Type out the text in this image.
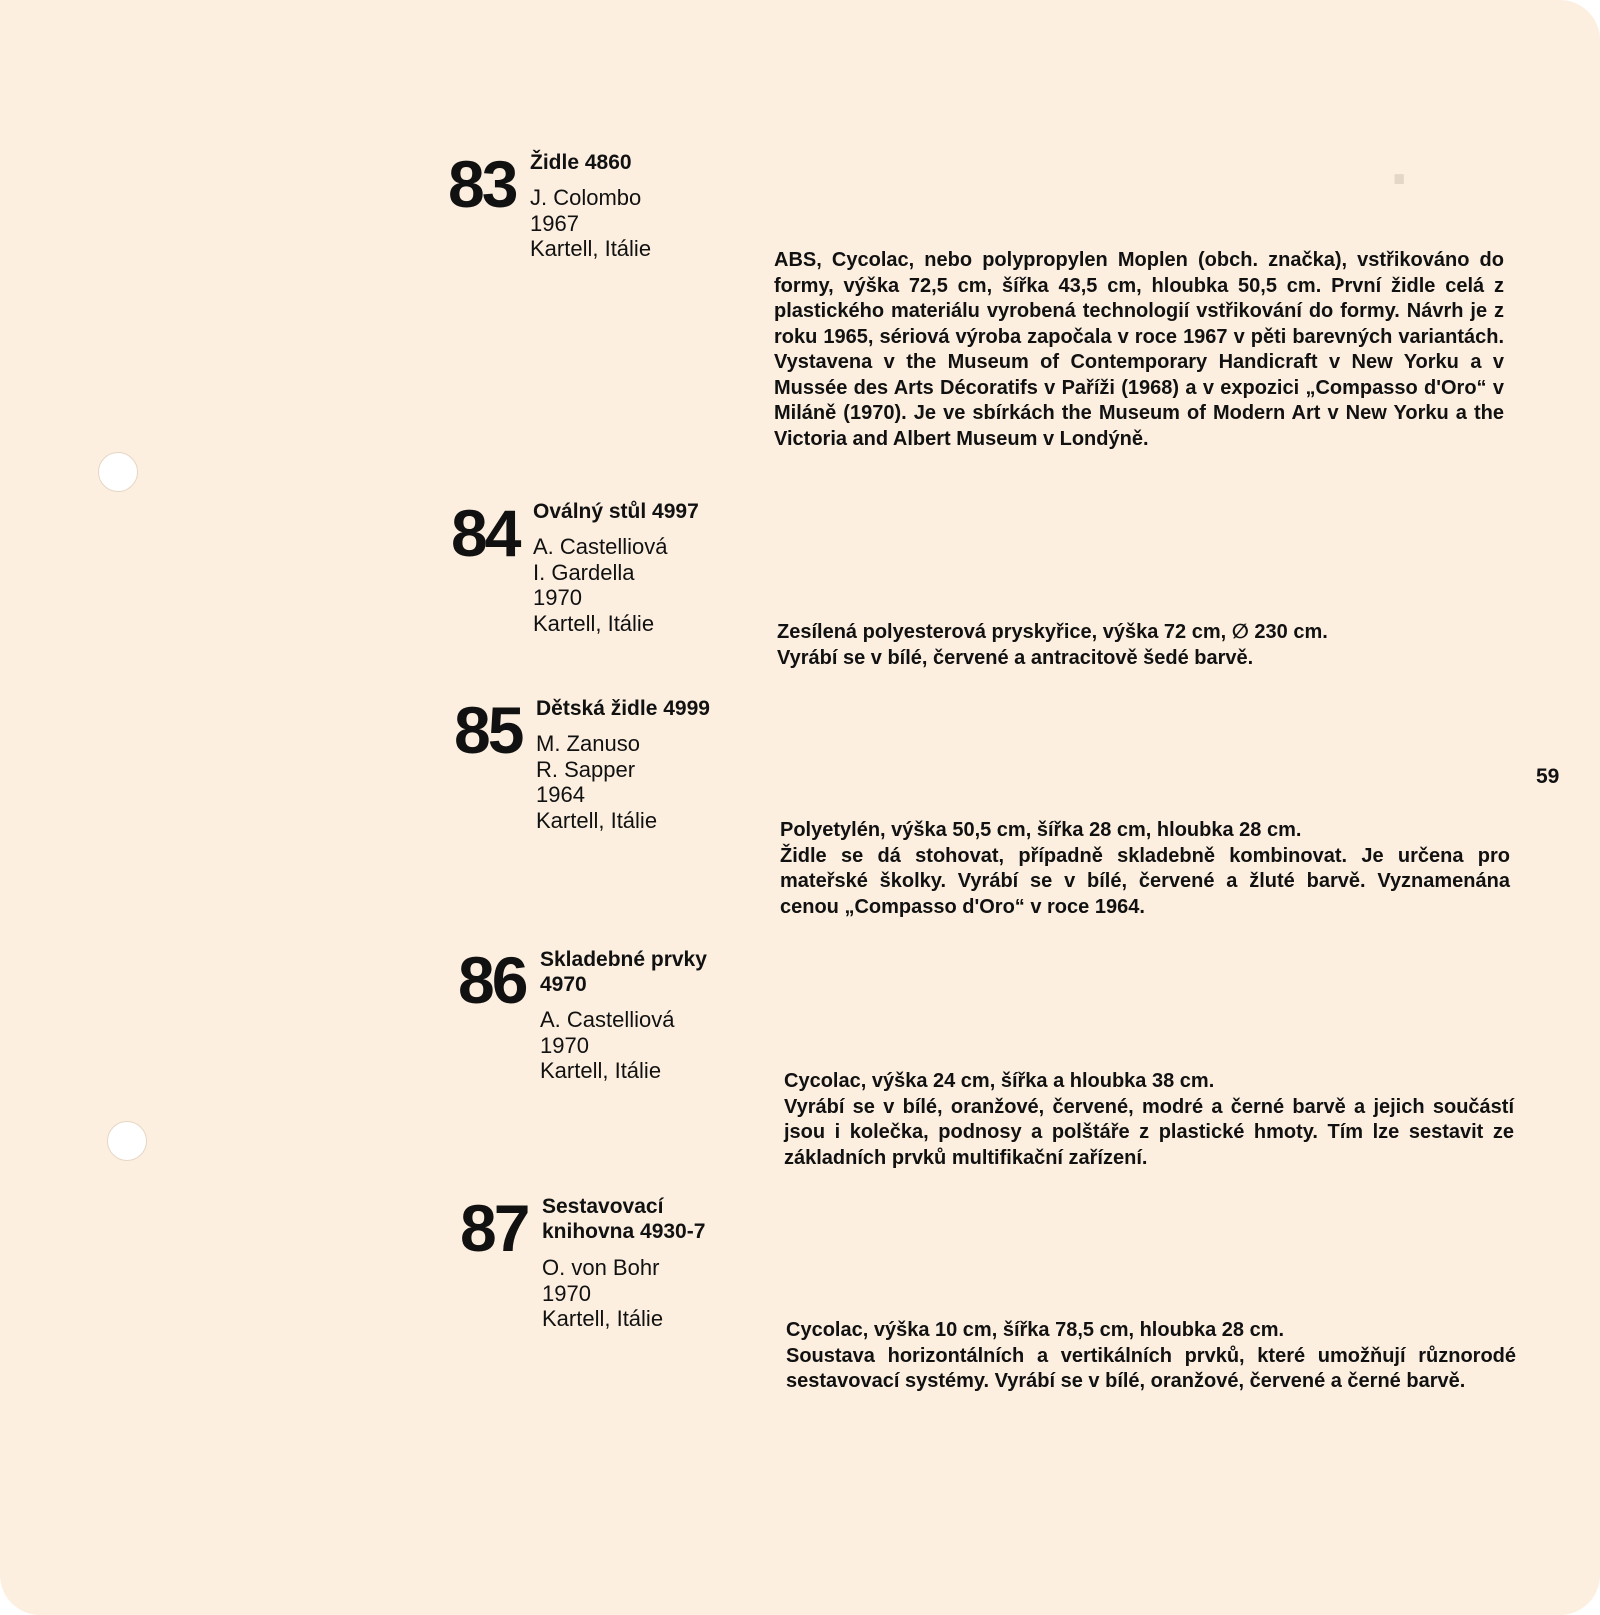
·
83 Židle 4860
J. Colombo
1967
Kartell, Itálie	ABS, Cycolac, nebo polypropylen Moplen (obch. značka), vstřikováno do formy, výška 72,5 cm, šířka 43,5 cm, hloubka 50,5 cm. První židle celá z plastického materiálu vyrobená technologií vstřikování do formy. Návrh je z roku 1965, sériová výroba započala v roce 1967 v pěti barevných variantách. Vystavena v the Museum of Contemporary Handicraft v New Yorku a v Mussée des Arts Décoratifs v Paříži (1968) a v expozici „Compasso d'Oro“ v Miláně (1970). Je ve sbírkách the Museum of Modern Art v New Yorku a the Victoria and Albert Museum v Londýně.
84 Oválný stůl 4997
A. Castelliová
I. Gardella
1970
Kartell, Itálie	Zesílená polyesterová pryskyřice, výška 72 cm, ∅ 230 cm.
Vyrábí se v bílé, červené a antracitově šedé barvě.
85 Dětská židle 4999
M. Zanuso
R. Sapper
1964
Kartell, Itálie	Polyetylén, výška 50,5 cm, šířka 28 cm, hloubka 28 cm.
Židle se dá stohovat, případně skladebně kombinovat. Je určena pro mateřské školky. Vyrábí se v bílé, červené a žluté barvě. Vyznamenána cenou „Compasso d'Oro“ v roce 1964.
86 Skladebné prvky 4970
A. Castelliová
1970
Kartell, Itálie	Cycolac, výška 24 cm, šířka a hloubka 38 cm.
Vyrábí se v bílé, oranžové, červené, modré a černé barvě a jejich součástí jsou i kolečka, podnosy a polštáře z plastické hmoty. Tím lze sestavit ze základních prvků multifikační zařízení.
87 Sestavovací knihovna 4930-7
O. von Bohr
1970
Kartell, Itálie	Cycolac, výška 10 cm, šířka 78,5 cm, hloubka 28 cm.
Soustava horizontálních a vertikálních prvků, které umožňují různorodé sestavovací systémy. Vyrábí se v bílé, oranžové, červené a černé barvě.
59
